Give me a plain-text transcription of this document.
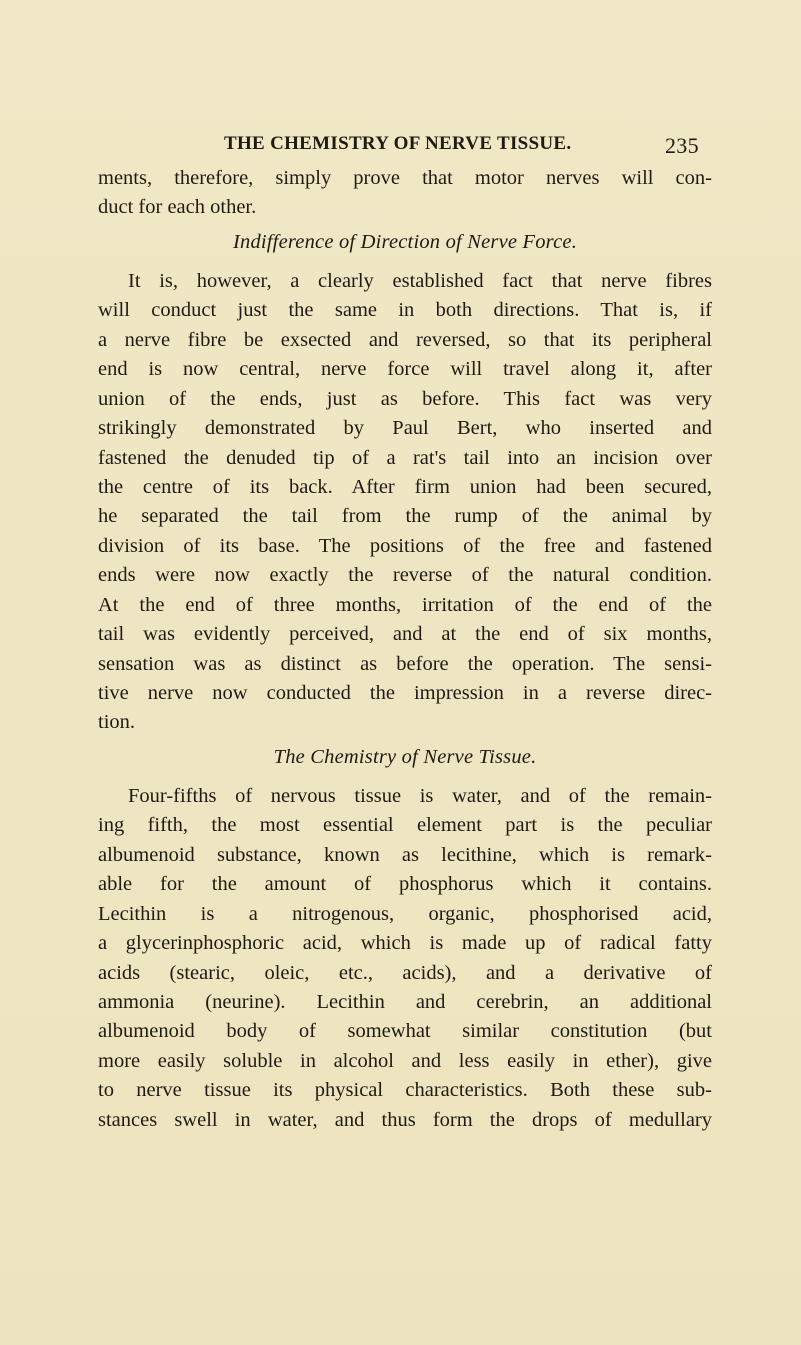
THE CHEMISTRY OF NERVE TISSUE.	235
ments, therefore, simply prove that motor nerves will con-
duct for each other.
Indifference of Direction of Nerve Force.
It is, however, a clearly established fact that nerve fibres
will conduct just the same in both directions. That is, if
a nerve fibre be exsected and reversed, so that its peripheral
end is now central, nerve force will travel along it, after
union of the ends, just as before. This fact was very
strikingly demonstrated by Paul Bert, who inserted and
fastened the denuded tip of a rat's tail into an incision over
the centre of its back. After firm union had been secured,
he separated the tail from the rump of the animal by
division of its base. The positions of the free and fastened
ends were now exactly the reverse of the natural condition.
At the end of three months, irritation of the end of the
tail was evidently perceived, and at the end of six months,
sensation was as distinct as before the operation. The sensi-
tive nerve now conducted the impression in a reverse direc-
tion.
The Chemistry of Nerve Tissue.
Four-fifths of nervous tissue is water, and of the remain-
ing fifth, the most essential element part is the peculiar
albumenoid substance, known as lecithine, which is remark-
able for the amount of phosphorus which it contains.
Lecithin is a nitrogenous, organic, phosphorised acid,
a glycerinphosphoric acid, which is made up of radical fatty
acids (stearic, oleic, etc., acids), and a derivative of
ammonia (neurine). Lecithin and cerebrin, an additional
albumenoid body of somewhat similar constitution (but
more easily soluble in alcohol and less easily in ether), give
to nerve tissue its physical characteristics. Both these sub-
stances swell in water, and thus form the drops of medullary
